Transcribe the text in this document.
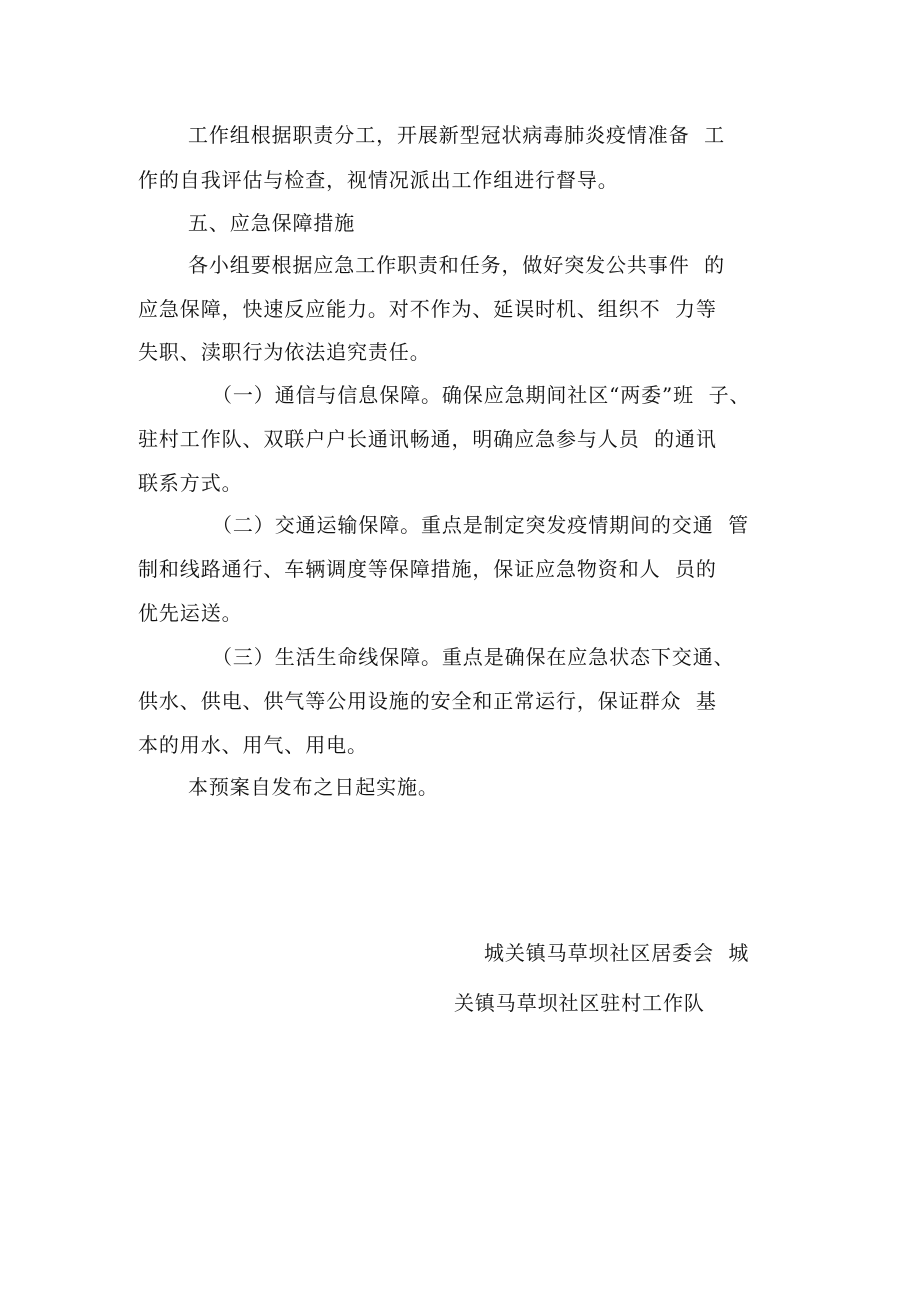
工作组根据职责分工，开展新型冠状病毒肺炎疫情准备  工
作的自我评估与检查，视情况派出工作组进行督导。
五、应急保障措施
各小组要根据应急工作职责和任务，做好突发公共事件  的
应急保障，快速反应能力。对不作为、延误时机、组织不  力等
失职、渎职行为依法追究责任。
（一）通信与信息保障。确保应急期间社区“两委”班  子、
驻村工作队、双联户户长通讯畅通，明确应急参与人员  的通讯
联系方式。
（二）交通运输保障。重点是制定突发疫情期间的交通  管
制和线路通行、车辆调度等保障措施，保证应急物资和人  员的
优先运送。
（三）生活生命线保障。重点是确保在应急状态下交通、
供水、供电、供气等公用设施的安全和正常运行，保证群众  基
本的用水、用气、用电。
本预案自发布之日起实施。
城关镇马草坝社区居委会  城
关镇马草坝社区驻村工作队
